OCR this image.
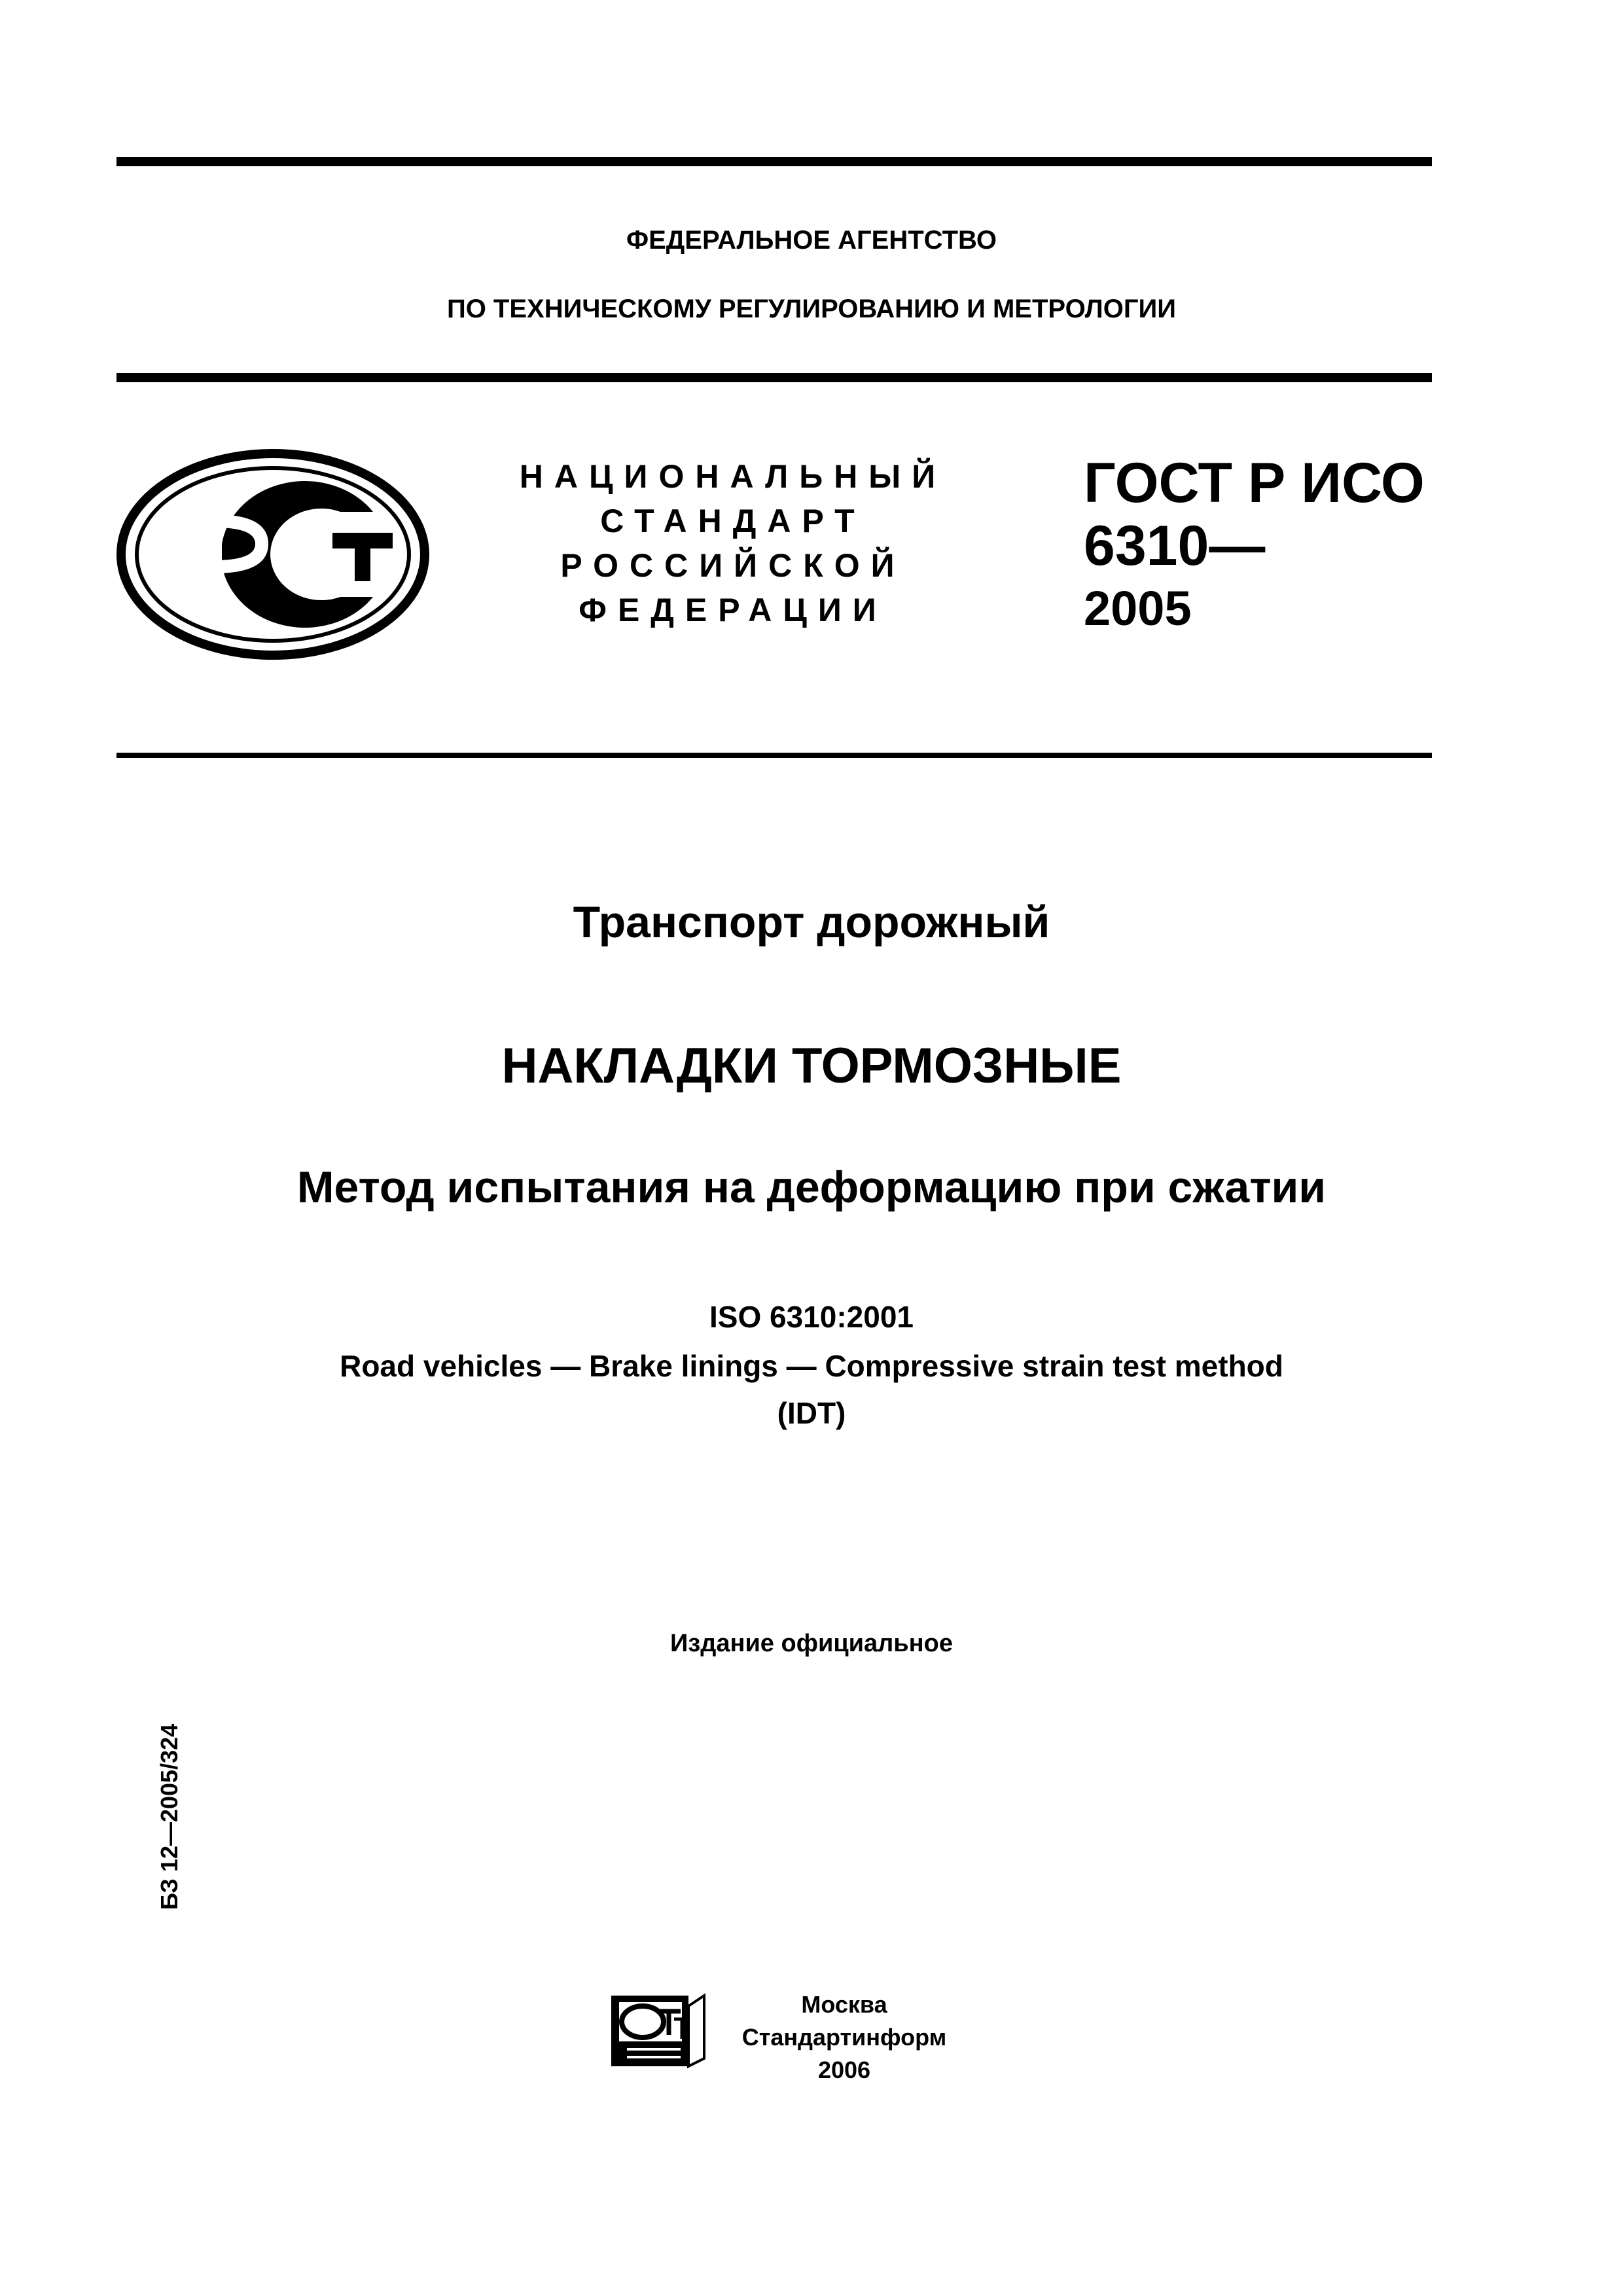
ФЕДЕРАЛЬНОЕ АГЕНТСТВО
ПО ТЕХНИЧЕСКОМУ РЕГУЛИРОВАНИЮ И МЕТРОЛОГИИ
НАЦИОНАЛЬНЫЙ
СТАНДАРТ
РОССИЙСКОЙ
ФЕДЕРАЦИИ
ГОСТ Р ИСО
6310—
2005
Транспорт дорожный
НАКЛАДКИ ТОРМОЗНЫЕ
Метод испытания на деформацию при сжатии
ISO 6310:2001
Road vehicles — Brake linings — Compressive strain test method
(IDT)
Издание официальное
БЗ 12—2005/324
Москва
Стандартинформ
2006
